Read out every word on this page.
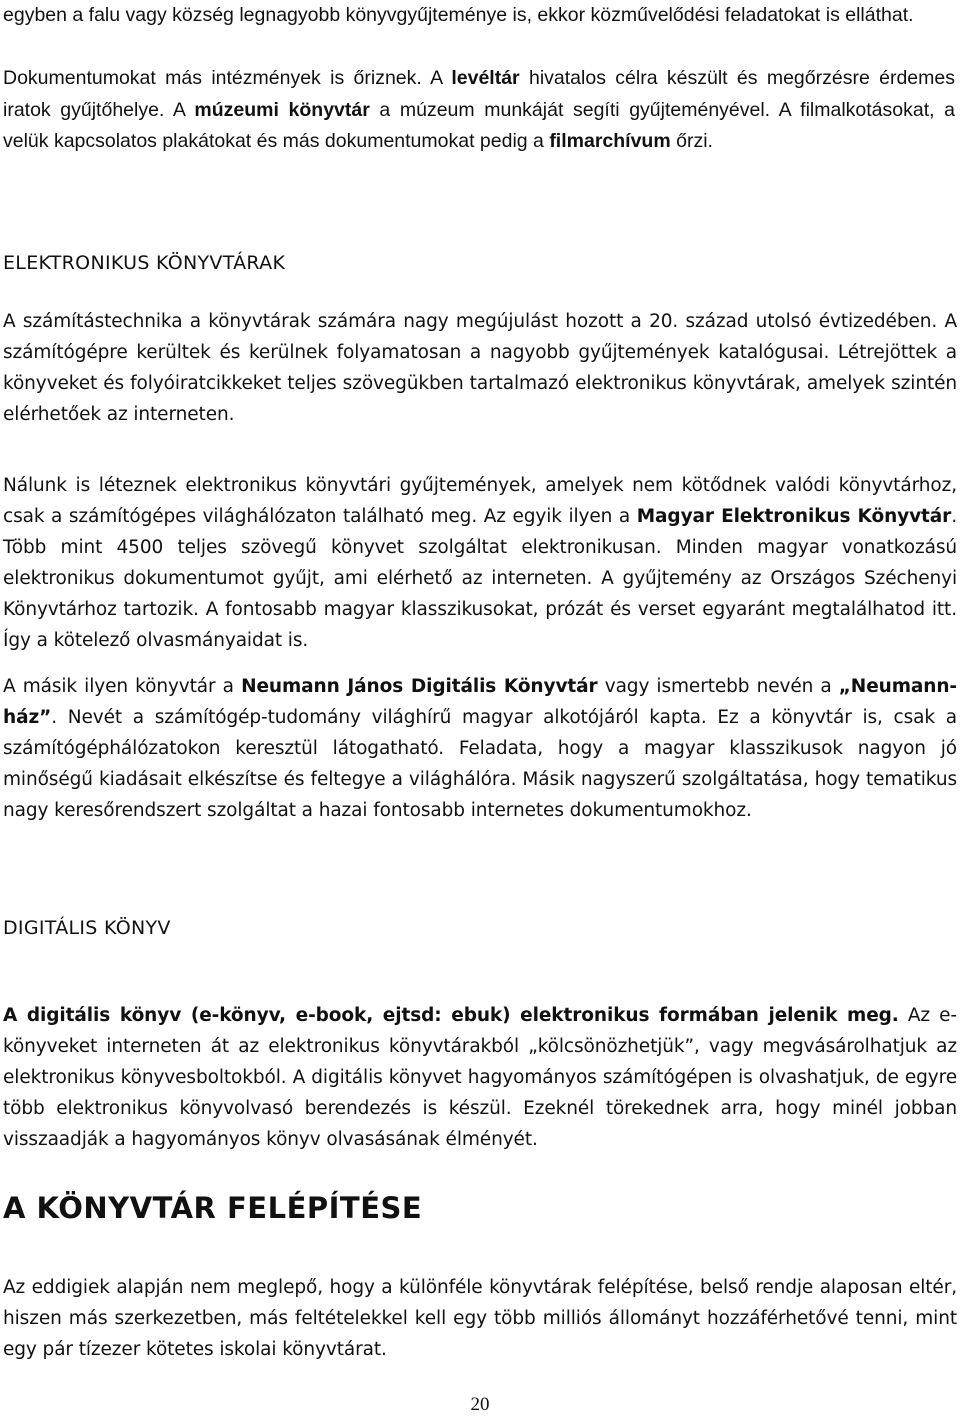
egyben a falu vagy község legnagyobb könyvgyűjteménye is, ekkor közművelődési feladatokat is elláthat.

Dokumentumokat más intézmények is őriznek. A levéltár hivatalos célra készült és megőrzésre érdemes iratok gyűjtőhelye. A múzeumi könyvtár a múzeum munkáját segíti gyűjteményével. A filmalkotásokat, a velük kapcsolatos plakátokat és más dokumentumokat pedig a filmarchívum őrzi.

ELEKTRONIKUS KÖNYVTÁRAK

A számítástechnika a könyvtárak számára nagy megújulást hozott a 20. század utolsó évtizedében. A számítógépre kerültek és kerülnek folyamatosan a nagyobb gyűjtemények katalógusai. Létrejöttek a könyveket és folyóiratcikkeket teljes szövegükben tartalmazó elektronikus könyvtárak, amelyek szintén elérhetőek az interneten.

Nálunk is léteznek elektronikus könyvtári gyűjtemények, amelyek nem kötődnek valódi könyvtárhoz, csak a számítógépes világhálózaton található meg. Az egyik ilyen a Magyar Elektronikus Könyvtár. Több mint 4500 teljes szövegű könyvet szolgáltat elektronikusan. Minden magyar vonatkozású elektronikus dokumentumot gyűjt, ami elérhető az interneten. A gyűjtemény az Országos Széchenyi Könyvtárhoz tartozik. A fontosabb magyar klasszikusokat, prózát és verset egyaránt megtalálhatod itt. Így a kötelező olvasmányaidat is.

A másik ilyen könyvtár a Neumann János Digitális Könyvtár vagy ismertebb nevén a „Neumann-ház”. Nevét a számítógép-tudomány világhírű magyar alkotójáról kapta. Ez a könyvtár is, csak a számítógéphálózatokon keresztül látogatható. Feladata, hogy a magyar klasszikusok nagyon jó minőségű kiadásait elkészítse és feltegye a világhálóra. Másik nagyszerű szolgáltatása, hogy tematikus nagy keresőrendszert szolgáltat a hazai fontosabb internetes dokumentumokhoz.

DIGITÁLIS KÖNYV

A digitális könyv (e-könyv, e-book, ejtsd: ebuk) elektronikus formában jelenik meg. Az e-könyveket interneten át az elektronikus könyvtárakból „kölcsönözhetjük”, vagy megvásárolhatjuk az elektronikus könyvesboltokból. A digitális könyvet hagyományos számítógépen is olvashatjuk, de egyre több elektronikus könyvolvasó berendezés is készül. Ezeknél törekednek arra, hogy minél jobban visszaadják a hagyományos könyv olvasásának élményét.

A KÖNYVTÁR FELÉPÍTÉSE

Az eddigiek alapján nem meglepő, hogy a különféle könyvtárak felépítése, belső rendje alaposan eltér, hiszen más szerkezetben, más feltételekkel kell egy több milliós állományt hozzáférhetővé tenni, mint egy pár tízezer kötetes iskolai könyvtárat.

20
